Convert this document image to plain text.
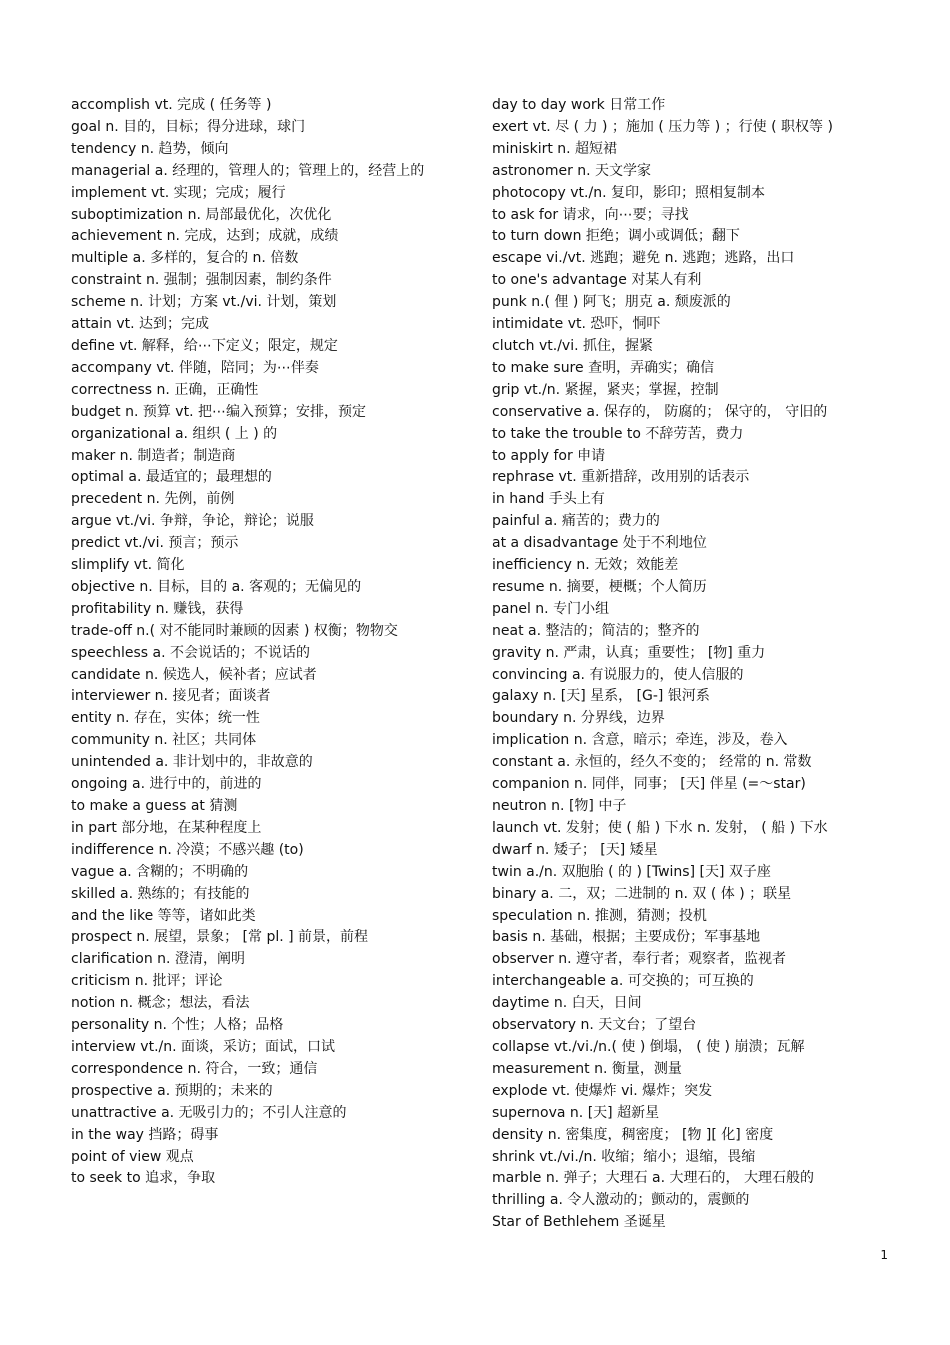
accomplish vt. 完成 ( 任务等 )
goal n. 目的，目标；得分进球，球门
tendency n. 趋势，倾向
managerial a. 经理的，管理人的；管理上的，经营上的
implement vt. 实现；完成；履行
suboptimization n. 局部最优化，次优化
achievement n. 完成，达到；成就，成绩
multiple a. 多样的，复合的 n. 倍数
constraint n. 强制；强制因素，制约条件
scheme n. 计划；方案 vt./vi. 计划，策划
attain vt. 达到；完成
define vt. 解释，给⋯下定义；限定，规定
accompany vt. 伴随，陪同；为⋯伴奏
correctness n. 正确，正确性
budget n. 预算 vt. 把⋯编入预算；安排，预定
organizational a. 组织 ( 上 ) 的
maker n. 制造者；制造商
optimal a. 最适宜的；最理想的
precedent n. 先例，前例
argue vt./vi. 争辩，争论，辩论；说服
predict vt./vi. 预言；预示
slimplify vt. 简化
objective n. 目标，目的 a. 客观的；无偏见的
profitability n. 赚钱，获得
trade-off n.( 对不能同时兼顾的因素 ) 权衡；物物交
speechless a. 不会说话的；不说话的
candidate n. 候选人，候补者；应试者
interviewer n. 接见者；面谈者
entity n. 存在，实体；统一性
community n. 社区；共同体
unintended a. 非计划中的，非故意的
ongoing a. 进行中的，前进的
to make a guess at 猜测
in part 部分地，在某种程度上
indifference n. 冷漠；不感兴趣 (to)
vague a. 含糊的；不明确的
skilled a. 熟练的；有技能的
and the like 等等，诸如此类
prospect n. 展望，景象； [常 pl. ] 前景，前程
clarification n. 澄清，阐明
criticism n. 批评；评论
notion n. 概念；想法，看法
personality n. 个性；人格；品格
interview vt./n. 面谈，采访；面试，口试
correspondence n. 符合，一致；通信
prospective a. 预期的；未来的
unattractive a. 无吸引力的；不引人注意的
in the way 挡路；碍事
point of view 观点
to seek to 追求，争取
day to day work 日常工作
exert vt. 尽 ( 力 ) ；施加 ( 压力等 ) ；行使 ( 职权等 )
miniskirt n. 超短裙
astronomer n. 天文学家
photocopy vt./n. 复印，影印；照相复制本
to ask for 请求，向⋯要；寻找
to turn down 拒绝；调小或调低；翻下
escape vi./vt. 逃跑；避免 n. 逃跑；逃路，出口
to one's advantage 对某人有利
punk n.( 俚 ) 阿飞；朋克 a. 颓废派的
intimidate vt. 恐吓，恫吓
clutch vt./vi. 抓住，握紧
to make sure 查明，弄确实；确信
grip vt./n. 紧握，紧夹；掌握，控制
conservative a. 保存的， 防腐的； 保守的， 守旧的
to take the trouble to 不辞劳苦，费力
to apply for 申请
rephrase vt. 重新措辞，改用别的话表示
in hand 手头上有
painful a. 痛苦的；费力的
at a disadvantage 处于不利地位
inefficiency n. 无效；效能差
resume n. 摘要，梗概；个人简历
panel n. 专门小组
neat a. 整洁的；简洁的；整齐的
gravity n. 严肃，认真；重要性； [物] 重力
convincing a. 有说服力的，使人信服的
galaxy n. [天] 星系， [G-] 银河系
boundary n. 分界线，边界
implication n. 含意，暗示；牵连，涉及，卷入
constant a. 永恒的，经久不变的； 经常的 n. 常数
companion n. 同伴，同事； [天] 伴星 (=～star)
neutron n. [物] 中子
launch vt. 发射；使 ( 船 ) 下水 n. 发射， ( 船 ) 下水
dwarf n. 矮子； [天] 矮星
twin a./n. 双胞胎 ( 的 ) [Twins] [天] 双子座
binary a. 二，双；二进制的 n. 双 ( 体 ) ；联星
speculation n. 推测，猜测；投机
basis n. 基础，根据；主要成份；军事基地
observer n. 遵守者，奉行者；观察者，监视者
interchangeable a. 可交换的；可互换的
daytime n. 白天，日间
observatory n. 天文台；了望台
collapse vt./vi./n.( 使 ) 倒塌， ( 使 ) 崩溃；瓦解
measurement n. 衡量，测量
explode vt. 使爆炸 vi. 爆炸；突发
supernova n. [天] 超新星
density n. 密集度，稠密度； [物 ][ 化] 密度
shrink vt./vi./n. 收缩；缩小；退缩，畏缩
marble n. 弹子；大理石 a. 大理石的， 大理石般的
thrilling a. 令人激动的；颤动的，震颤的
Star of Bethlehem 圣诞星
1
